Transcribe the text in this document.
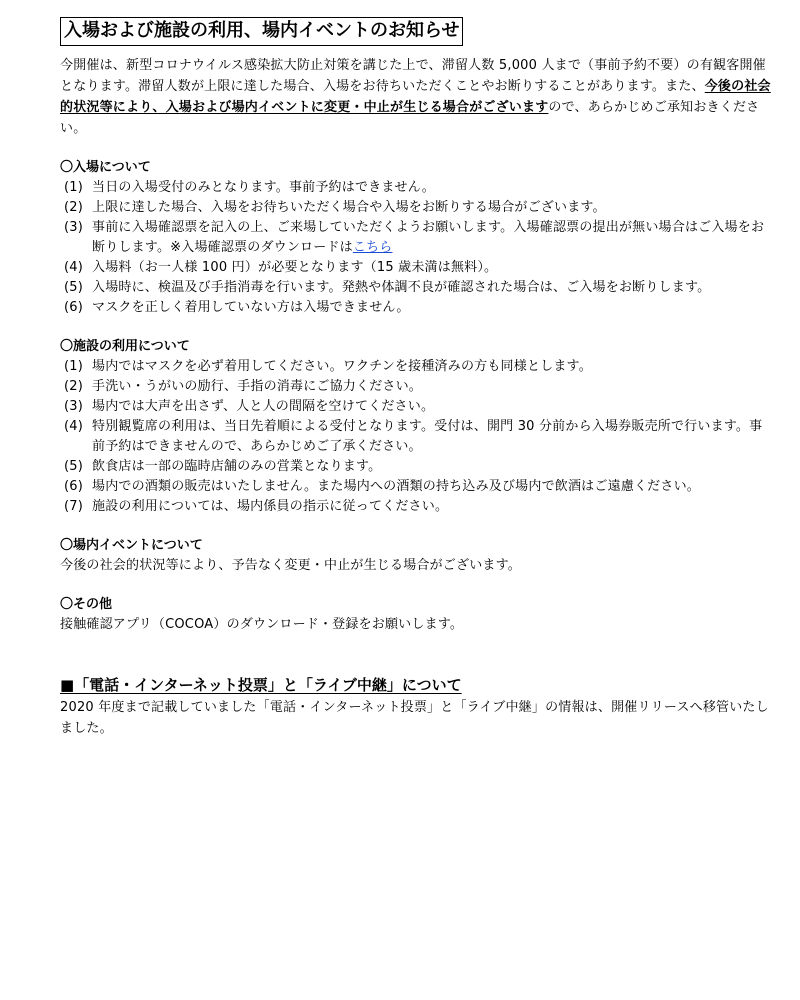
入場および施設の利用、場内イベントのお知らせ
今開催は、新型コロナウイルス感染拡大防止対策を講じた上で、滞留人数 5,000 人まで（事前予約不要）の有観客開催となります。滞留人数が上限に達した場合、入場をお待ちいただくことやお断りすることがあります。また、今後の社会的状況等により、入場および場内イベントに変更・中止が生じる場合がございますので、あらかじめご承知おきください。
〇入場について
(1) 当日の入場受付のみとなります。事前予約はできません。
(2) 上限に達した場合、入場をお待ちいただく場合や入場をお断りする場合がございます。
(3) 事前に入場確認票を記入の上、ご来場していただくようお願いします。入場確認票の提出が無い場合はご入場をお断りします。※入場確認票のダウンロードはこちら
(4) 入場料（お一人様 100 円）が必要となります（15 歳未満は無料）。
(5) 入場時に、検温及び手指消毒を行います。発熱や体調不良が確認された場合は、ご入場をお断りします。
(6) マスクを正しく着用していない方は入場できません。
〇施設の利用について
(1) 場内ではマスクを必ず着用してください。ワクチンを接種済みの方も同様とします。
(2) 手洗い・うがいの励行、手指の消毒にご協力ください。
(3) 場内では大声を出さず、人と人の間隔を空けてください。
(4) 特別観覧席の利用は、当日先着順による受付となります。受付は、開門 30 分前から入場券販売所で行います。事前予約はできませんので、あらかじめご了承ください。
(5) 飲食店は一部の臨時店舗のみの営業となります。
(6) 場内での酒類の販売はいたしません。また場内への酒類の持ち込み及び場内で飲酒はご遠慮ください。
(7) 施設の利用については、場内係員の指示に従ってください。
〇場内イベントについて
今後の社会的状況等により、予告なく変更・中止が生じる場合がございます。
〇その他
接触確認アプリ（COCOA）のダウンロード・登録をお願いします。
■「電話・インターネット投票」と「ライブ中継」について
2020 年度まで記載していました「電話・インターネット投票」と「ライブ中継」の情報は、開催リリースへ移管いたしました。
